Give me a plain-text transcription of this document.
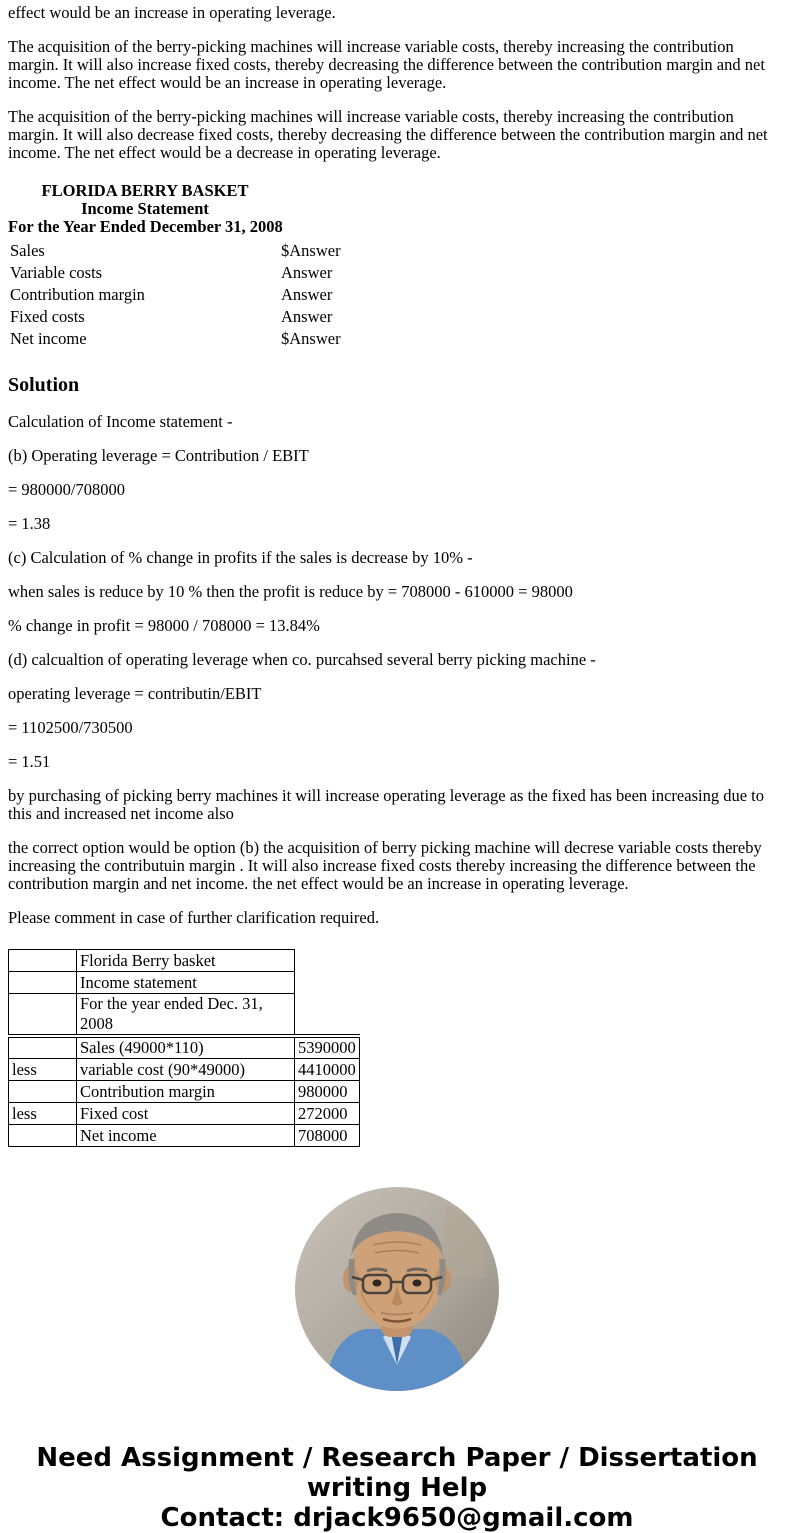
effect would be an increase in operating leverage.

The acquisition of the berry-picking machines will increase variable costs, thereby increasing the contribution margin. It will also increase fixed costs, thereby decreasing the difference between the contribution margin and net income. The net effect would be an increase in operating leverage.

The acquisition of the berry-picking machines will increase variable costs, thereby increasing the contribution margin. It will also decrease fixed costs, thereby decreasing the difference between the contribution margin and net income. The net effect would be a decrease in operating leverage.

FLORIDA BERRY BASKET
Income Statement
For the Year Ended December 31, 2008
Sales	$Answer
Variable costs	Answer
Contribution margin	Answer
Fixed costs	Answer
Net income	$Answer
Solution

Calculation of Income statement -

(b) Operating leverage = Contribution / EBIT

= 980000/708000

= 1.38

(c) Calculation of % change in profits if the sales is decrease by 10% -

when sales is reduce by 10 % then the profit is reduce by = 708000 - 610000 = 98000

% change in profit = 98000 / 708000 = 13.84%

(d) calcualtion of operating leverage when co. purcahsed several berry picking machine -

operating leverage = contributin/EBIT

= 1102500/730500

= 1.51

by purchasing of picking berry machines it will increase operating leverage as the fixed has been increasing due to this and increased net income also

the correct option would be option (b) the acquisition of berry picking machine will decrese variable costs thereby increasing the contributuin margin . It will also increase fixed costs thereby increasing the difference between the contribution margin and net income. the net effect would be an increase in operating leverage.

Please comment in case of further clarification required.

	Florida Berry basket	
	Income statement	
	For the year ended Dec. 31, 2008	
	Sales (49000*110)	5390000
less	variable cost (90*49000)	4410000
	Contribution margin	980000
less	Fixed cost	272000
	Net income	708000
Need Assignment / Research Paper / Dissertation writing Help
Contact: drjack9650@gmail.com
